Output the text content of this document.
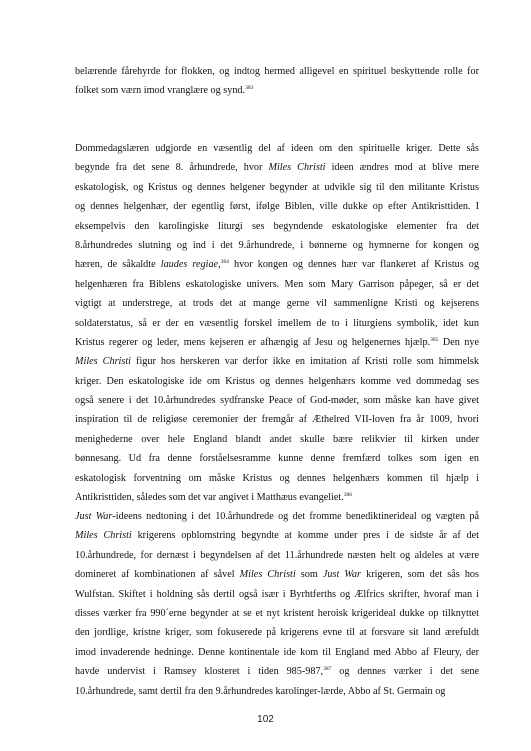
belærende fårehyrde for flokken, og indtog hermed alligevel en spirituel beskyttende rolle for
folket som værn imod vranglære og synd.$^{383}$
Dommedagslæren udgjorde en væsentlig del af ideen om den spirituelle kriger. Dette sås
begynde fra det sene 8. århundrede, hvor Miles Christi ideen ændres mod at blive mere
eskatologisk, og Kristus og dennes helgener begynder at udvikle sig til den militante Kristus
og dennes helgenhær, der egentlig først, ifølge Biblen, ville dukke op efter Antikristtiden. I
eksempelvis den karolingiske liturgi ses begyndende eskatologiske elementer fra det
8.århundredes slutning og ind i det 9.århundrede, i bønnerne og hymnerne for kongen og
hæren, de såkaldte laudes regiae,$^{384}$ hvor kongen og dennes hær var flankeret af Kristus og
helgenhæren fra Biblens eskatologiske univers. Men som Mary Garrison påpeger, så er det
vigtigt at understrege, at trods det at mange gerne vil sammenligne Kristi og kejserens
soldaterstatus, så er der en væsentlig forskel imellem de to i liturgiens symbolik, idet kun
Kristus regerer og leder, mens kejseren er afhængig af Jesu og helgenernes hjælp.$^{385}$ Den nye
Miles Christi figur hos herskeren var derfor ikke en imitation af Kristi rolle som himmelsk
kriger. Den eskatologiske ide om Kristus og dennes helgenhærs komme ved dommedag ses
også senere i det 10.århundredes sydfranske Peace of God-møder, som måske kan have givet
inspiration til de religiøse ceremonier der fremgår af Æthelred VII-loven fra år 1009, hvori
menighederne over hele England blandt andet skulle bære relikvier til kirken under
bønnesang. Ud fra denne forståelsesramme kunne denne fremfærd tolkes som igen en
eskatologisk forventning om måske Kristus og dennes helgenhærs kommen til hjælp i
Antikristtiden, således som det var angivet i Matthæus evangeliet.$^{386}$
Just War-ideens nedtoning i det 10.århundrede og det fromme benediktinerideal og vægten på
Miles Christi krigerens opblomstring begyndte at komme under pres i de sidste år af det
10.århundrede, for dernæst i begyndelsen af det 11.århundrede næsten helt og aldeles at være
domineret af kombinationen af såvel Miles Christi som Just War krigeren, som det sås hos
Wulfstan. Skiftet i holdning sås dertil også især i Byrhtferths og Ælfrics skrifter, hvoraf man i
disses værker fra 990´erne begynder at se et nyt kristent heroisk krigerideal dukke op tilknyttet
den jordlige, kristne kriger, som fokuserede på krigerens evne til at forsvare sit land ærefuldt
imod invaderende hedninge. Denne kontinentale ide kom til England med Abbo af Fleury, der
havde undervist i Ramsey klosteret i tiden 985-987,$^{387}$ og dennes værker i det sene
10.århundrede, samt dertil fra den 9.århundredes karolinger-lærde, Abbo af St. Germain og
102
